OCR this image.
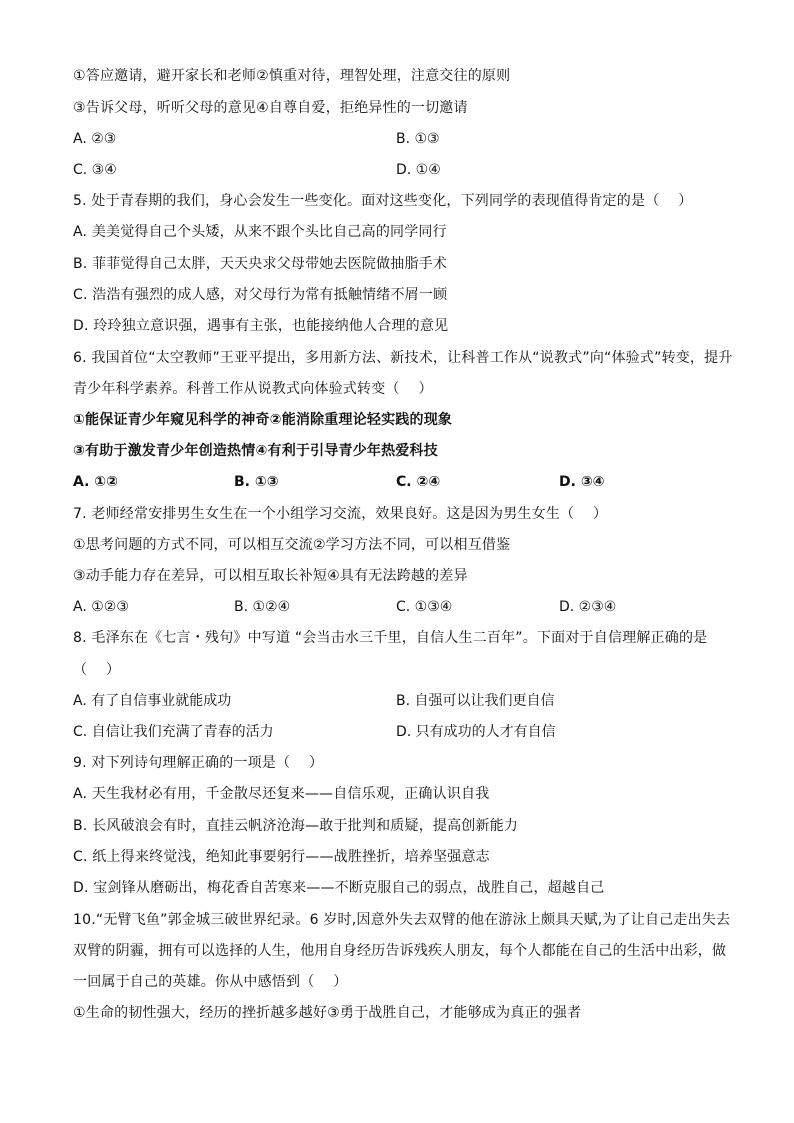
①答应邀请，避开家长和老师②慎重对待，理智处理，注意交往的原则
③告诉父母，听听父母的意见④自尊自爱，拒绝异性的一切邀请
A. ②③	B. ①③
C. ③④	D. ①④
5. 处于青春期的我们，身心会发生一些变化。面对这些变化，下列同学的表现值得肯定的是（　 ）
A. 美美觉得自己个头矮，从来不跟个头比自己高的同学同行
B. 菲菲觉得自己太胖，天天央求父母带她去医院做抽脂手术
C. 浩浩有强烈的成人感，对父母行为常有抵触情绪不屑一顾
D. 玲玲独立意识强，遇事有主张，也能接纳他人合理的意见
6. 我国首位“太空教师”王亚平提出，多用新方法、新技术，让科普工作从“说教式”向“体验式”转变，提升
青少年科学素养。科普工作从说教式向体验式转变（　 ）
①能保证青少年窥见科学的神奇②能消除重理论轻实践的现象
③有助于激发青少年创造热情④有利于引导青少年热爱科技
A. ①②	B. ①③	C. ②④	D. ③④
7. 老师经常安排男生女生在一个小组学习交流，效果良好。这是因为男生女生（　 ）
①思考问题的方式不同，可以相互交流②学习方法不同，可以相互借鉴
③动手能力存在差异，可以相互取长补短④具有无法跨越的差异
A. ①②③	B. ①②④	C. ①③④	D. ②③④
8. 毛泽东在《七言・残句》中写道 “会当击水三千里，自信人生二百年”。下面对于自信理解正确的是
（　 ）
A. 有了自信事业就能成功	B. 自强可以让我们更自信
C. 自信让我们充满了青春的活力	D. 只有成功的人才有自信
9. 对下列诗句理解正确的一项是（　 ）
A. 天生我材必有用，千金散尽还复来——自信乐观，正确认识自我
B. 长风破浪会有时，直挂云帆济沧海—敢于批判和质疑，提高创新能力
C. 纸上得来终觉浅，绝知此事要躬行——战胜挫折，培养坚强意志
D. 宝剑锋从磨砺出，梅花香自苦寒来——不断克服自己的弱点，战胜自己，超越自己
10.“无臂飞鱼”郭金城三破世界纪录。6 岁时,因意外失去双臂的他在游泳上颇具天赋,为了让自己走出失去
双臂的阴霾，拥有可以选择的人生，他用自身经历告诉残疾人朋友，每个人都能在自己的生活中出彩，做
一回属于自己的英雄。你从中感悟到（　 ）
①生命的韧性强大，经历的挫折越多越好③勇于战胜自己，才能够成为真正的强者
